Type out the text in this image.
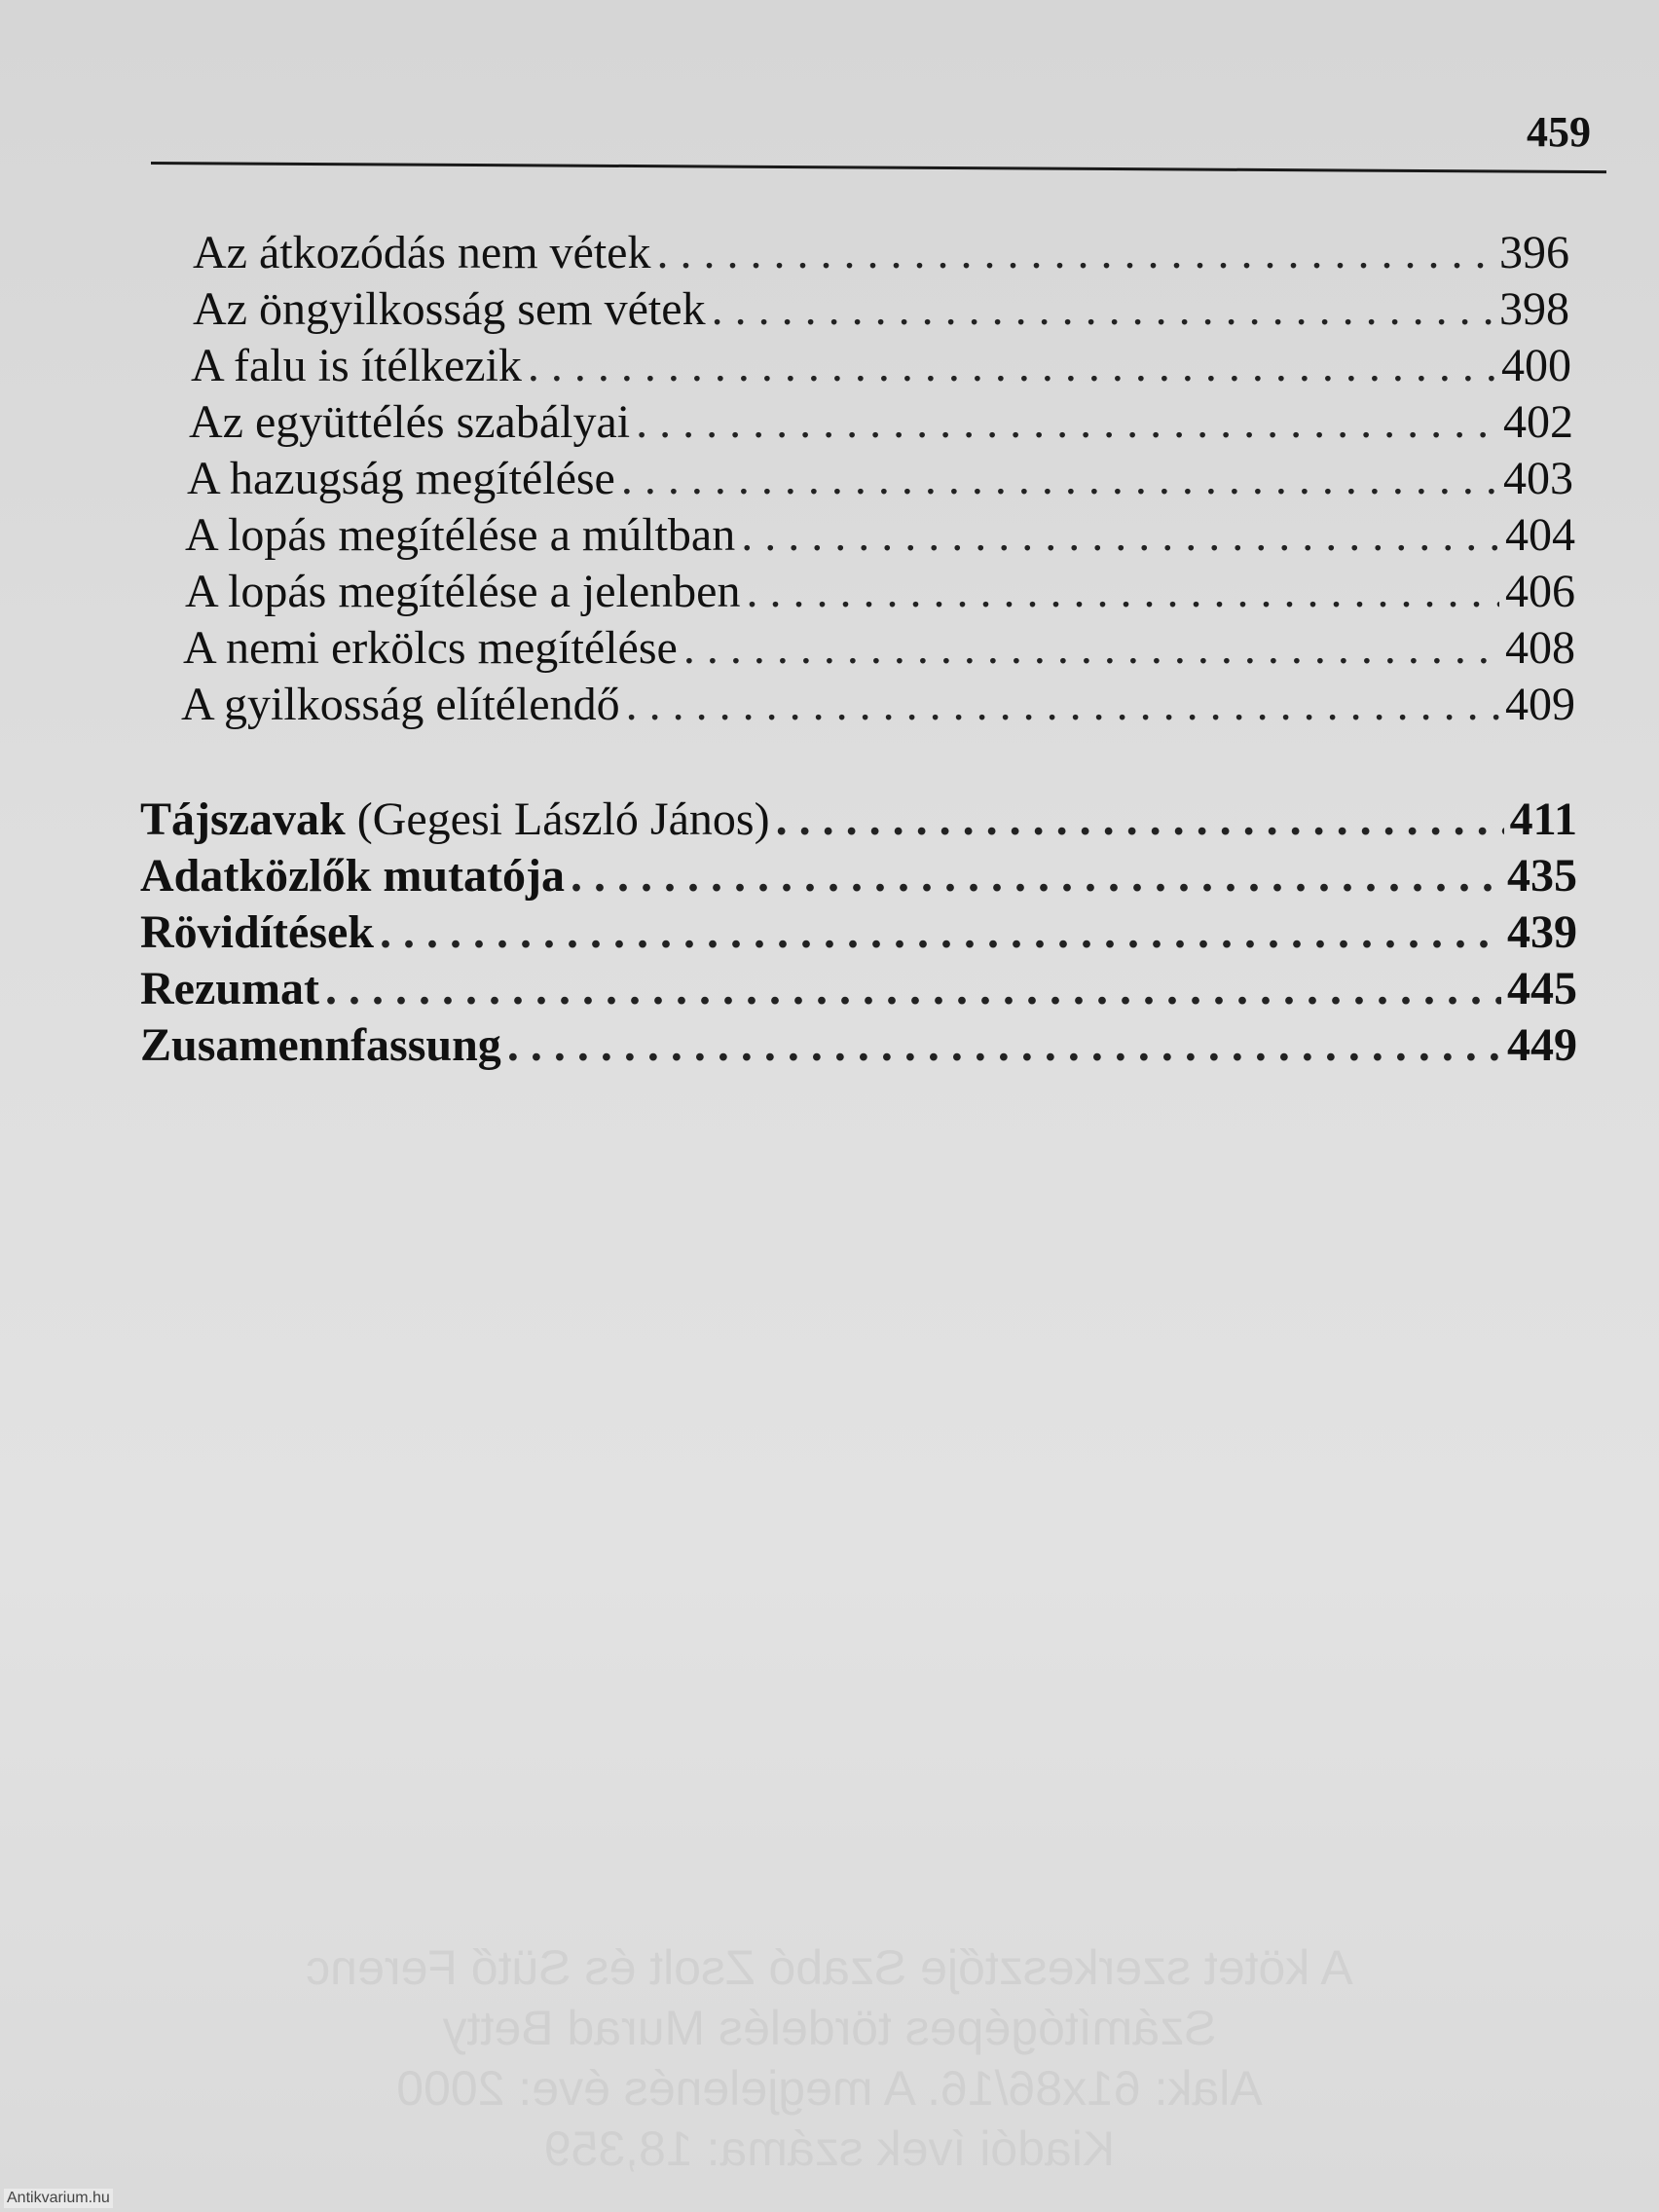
459
Az átkozódás nem vétek . . .	396
Az öngyilkosság sem vétek . . .	398
A falu is ítélkezik . . .	400
Az együttélés szabályai . . .	402
A hazugság megítélése . . .	403
A lopás megítélése a múltban . . .	404
A lopás megítélése a jelenben . . .	406
A nemi erkölcs megítélése . . .	408
A gyilkosság elítélendő . . .	409
Tájszavak (Gegesi László János) . . .	411
Adatközlők mutatója . . .	435
Rövidítések . . .	439
Rezumat . . .	445
Zusamennfassung . . .	449
A kötet szerkesztője Szabó Zsolt és Sütő Ferenc
Számítógépes tördelés Murad Betty
Alak: 61x86/16. A megjelenés éve: 2000
Kiadói ívek száma: 18,359
Antikvarium.hu
